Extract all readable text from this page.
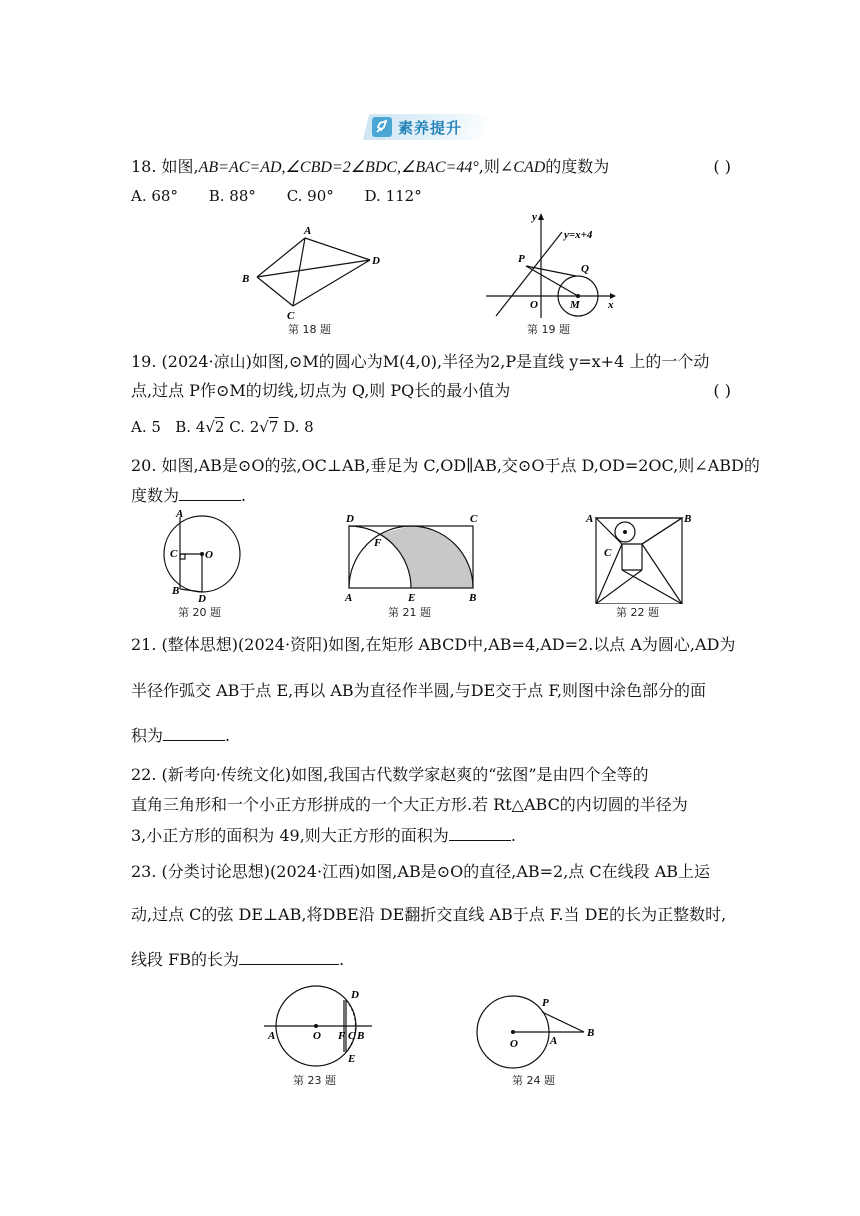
素养提升
18. 如图,AB=AC=AD,∠CBD=2∠BDC,∠BAC=44°,则∠CAD的度数为	( )
A. 68° B. 88° C. 90° D. 112°
A
B
C
D
第 18 题
y
y=x+4
P
Q
O	M	x
第 19 题
19. (2024·凉山)如图,⊙M的圆心为M(4,0),半径为2,P是直线 y=x+4 上的一个动
点,过点 P作⊙M的切线,切点为 Q,则 PQ长的最小值为	( )
A. 5 B. 4√2 C. 2√7 D. 8
20. 如图,AB是⊙O的弦,OC⊥AB,垂足为 C,OD∥AB,交⊙O于点 D,OD=2OC,则∠ABD的
度数为	.
A
C	O
B
D
第 20 题
D	C
F
A	E	B
第 21 题
A	B
C
第 22 题
21. (整体思想)(2024·资阳)如图,在矩形 ABCD中,AB=4,AD=2.以点 A为圆心,AD为
半径作弧交 AB于点 E,再以 AB为直径作半圆,与DE交于点 F,则图中涂色部分的面
积为	.
22. (新考向·传统文化)如图,我国古代数学家赵爽的“弦图”是由四个全等的
直角三角形和一个小正方形拼成的一个大正方形.若 Rt△ABC的内切圆的半径为
3,小正方形的面积为 49,则大正方形的面积为	.
23. (分类讨论思想)(2024·江西)如图,AB是⊙O的直径,AB=2,点 C在线段 AB上运
动,过点 C的弦 DE⊥AB,将DBE沿 DE翻折交直线 AB于点 F.当 DE的长为正整数时,
线段 FB的长为	.
D
A	O F C B
E
第 23 题
P
O	A
B
第 24 题
